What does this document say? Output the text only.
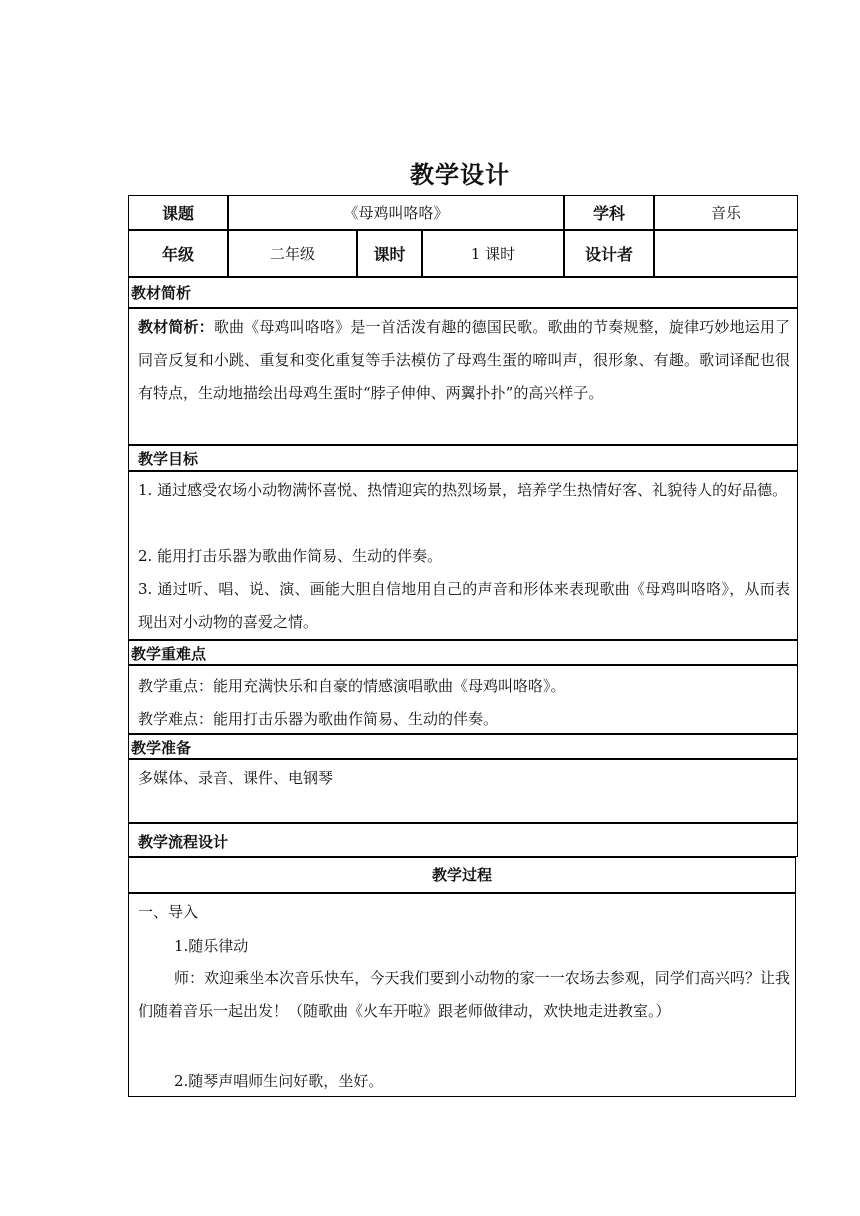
教学设计
课题	《母鸡叫咯咯》	学科	音乐
年级	二年级	课时	1 课时	设计者
教材简析
教材简析：歌曲《母鸡叫咯咯》是一首活泼有趣的德国民歌。歌曲的节奏规整，旋律巧妙地运用了同音反复和小跳、重复和变化重复等手法模仿了母鸡生蛋的啼叫声，很形象、有趣。歌词译配也很有特点，生动地描绘出母鸡生蛋时“脖子伸伸、两翼扑扑”的高兴样子。
教学目标
1. 通过感受农场小动物满怀喜悦、热情迎宾的热烈场景，培养学生热情好客、礼貌待人的好品德。
2. 能用打击乐器为歌曲作简易、生动的伴奏。
3. 通过听、唱、说、演、画能大胆自信地用自己的声音和形体来表现歌曲《母鸡叫咯咯》，从而表现出对小动物的喜爱之情。
教学重难点
教学重点：能用充满快乐和自豪的情感演唱歌曲《母鸡叫咯咯》。
教学难点：能用打击乐器为歌曲作简易、生动的伴奏。
教学准备
多媒体、录音、课件、电钢琴
教学流程设计
教学过程
一、导入
1.随乐律动
师：欢迎乘坐本次音乐快车，今天我们要到小动物的家一一农场去参观，同学们高兴吗？让我们随着音乐一起出发！（随歌曲《火车开啦》跟老师做律动，欢快地走进教室。）
2.随琴声唱师生问好歌，坐好。
